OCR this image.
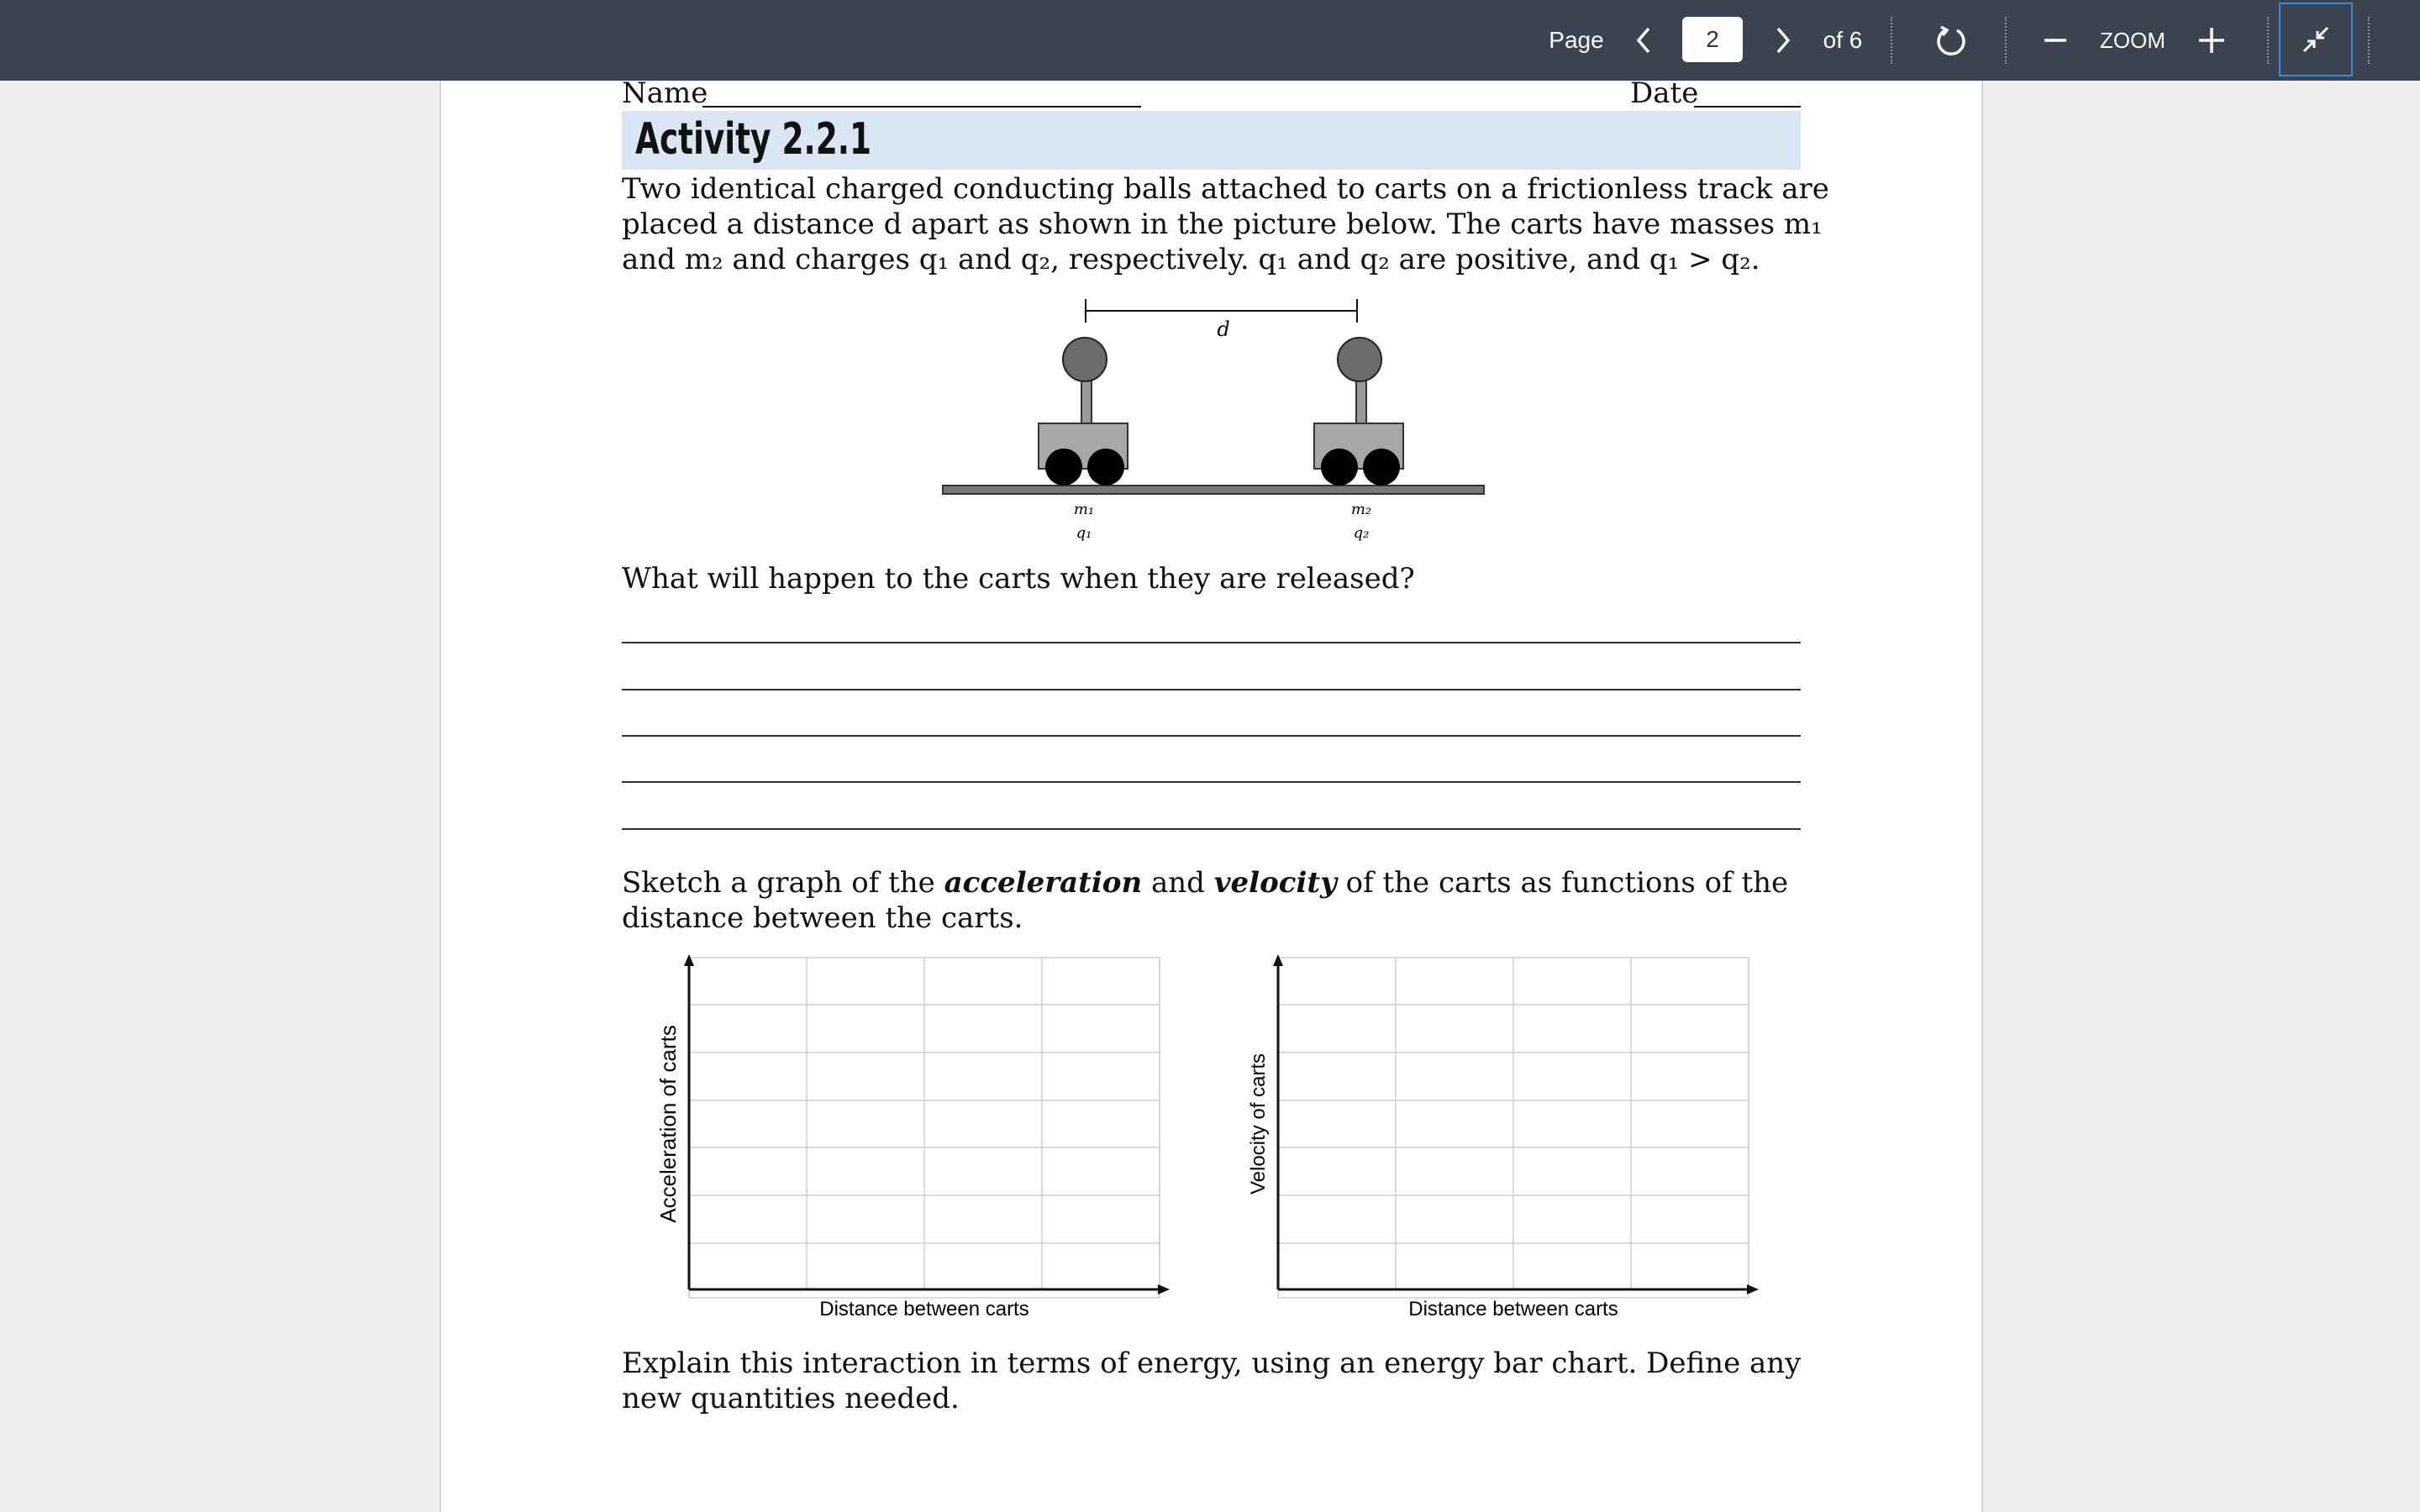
Page	2	of 6	ZOOM
Name	Date
Activity 2.2.1
Two identical charged conducting balls attached to carts on a frictionless track are
placed a distance d apart as shown in the picture below. The carts have masses m₁
and m₂ and charges q₁ and q₂, respectively. q₁ and q₂ are positive, and q₁ > q₂.
d
m₁
q₁
m₂
q₂
What will happen to the carts when they are released?
Sketch a graph of the acceleration and velocity of the carts as functions of the
distance between the carts.
Acceleration of carts
Distance between carts
Velocity of carts
Distance between carts
Explain this interaction in terms of energy, using an energy bar chart. Define any
new quantities needed.
